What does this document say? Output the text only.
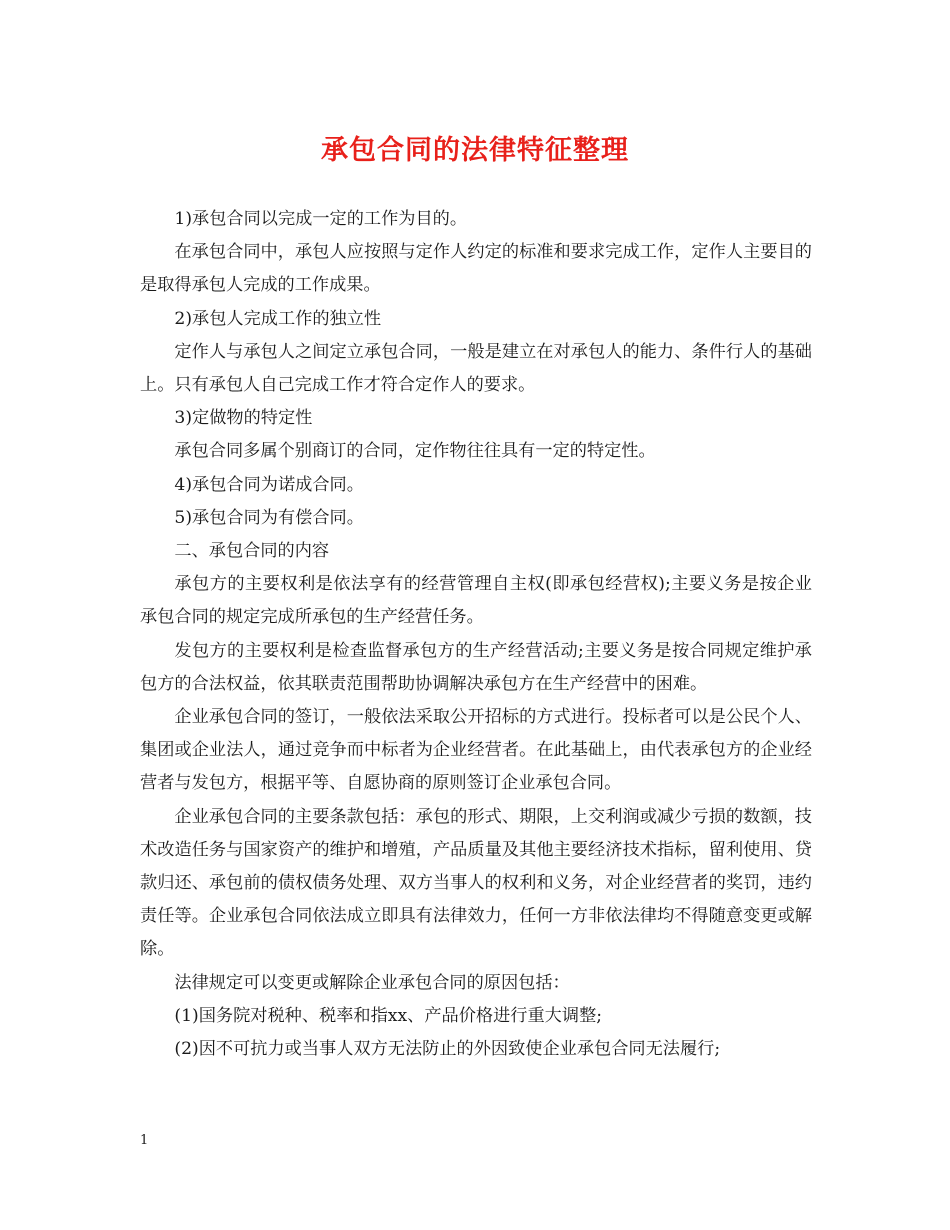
承包合同的法律特征整理

1)承包合同以完成一定的工作为目的。

在承包合同中，承包人应按照与定作人约定的标准和要求完成工作，定作人主要目的是取得承包人完成的工作成果。

2)承包人完成工作的独立性

定作人与承包人之间定立承包合同，一般是建立在对承包人的能力、条件行人的基础上。只有承包人自己完成工作才符合定作人的要求。

3)定做物的特定性

承包合同多属个别商订的合同，定作物往往具有一定的特定性。

4)承包合同为诺成合同。

5)承包合同为有偿合同。

二、承包合同的内容

承包方的主要权利是依法享有的经营管理自主权(即承包经营权);主要义务是按企业承包合同的规定完成所承包的生产经营任务。

发包方的主要权利是检查监督承包方的生产经营活动;主要义务是按合同规定维护承包方的合法权益，依其联责范围帮助协调解决承包方在生产经营中的困难。

企业承包合同的签订，一般依法采取公开招标的方式进行。投标者可以是公民个人、集团或企业法人，通过竞争而中标者为企业经营者。在此基础上，由代表承包方的企业经营者与发包方，根据平等、自愿协商的原则签订企业承包合同。

企业承包合同的主要条款包括：承包的形式、期限，上交利润或减少亏损的数额，技术改造任务与国家资产的维护和增殖，产品质量及其他主要经济技术指标，留利使用、贷款归还、承包前的债权债务处理、双方当事人的权利和义务，对企业经营者的奖罚，违约责任等。企业承包合同依法成立即具有法律效力，任何一方非依法律均不得随意变更或解除。

法律规定可以变更或解除企业承包合同的原因包括：

(1)国务院对税种、税率和指xx、产品价格进行重大调整;

(2)因不可抗力或当事人双方无法防止的外因致使企业承包合同无法履行;

1
